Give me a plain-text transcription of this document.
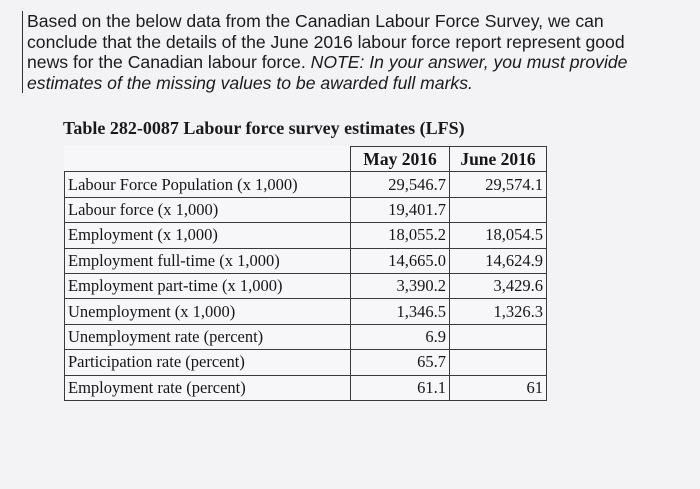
Based on the below data from the Canadian Labour Force Survey, we can

conclude that the details of the June 2016 labour force report represent good

news for the Canadian labour force. NOTE: In your answer, you must provide

estimates of the missing values to be awarded full marks.

Table 282-0087 Labour force survey estimates (LFS)
	May 2016	June 2016
Labour Force Population (x 1,000)	29,546.7	29,574.1
Labour force (x 1,000)	19,401.7	
Employment (x 1,000)	18,055.2	18,054.5
Employment full-time (x 1,000)	14,665.0	14,624.9
Employment part-time (x 1,000)	3,390.2	3,429.6
Unemployment (x 1,000)	1,346.5	1,326.3
Unemployment rate (percent)	6.9	
Participation rate (percent)	65.7	
Employment rate (percent)	61.1	61
